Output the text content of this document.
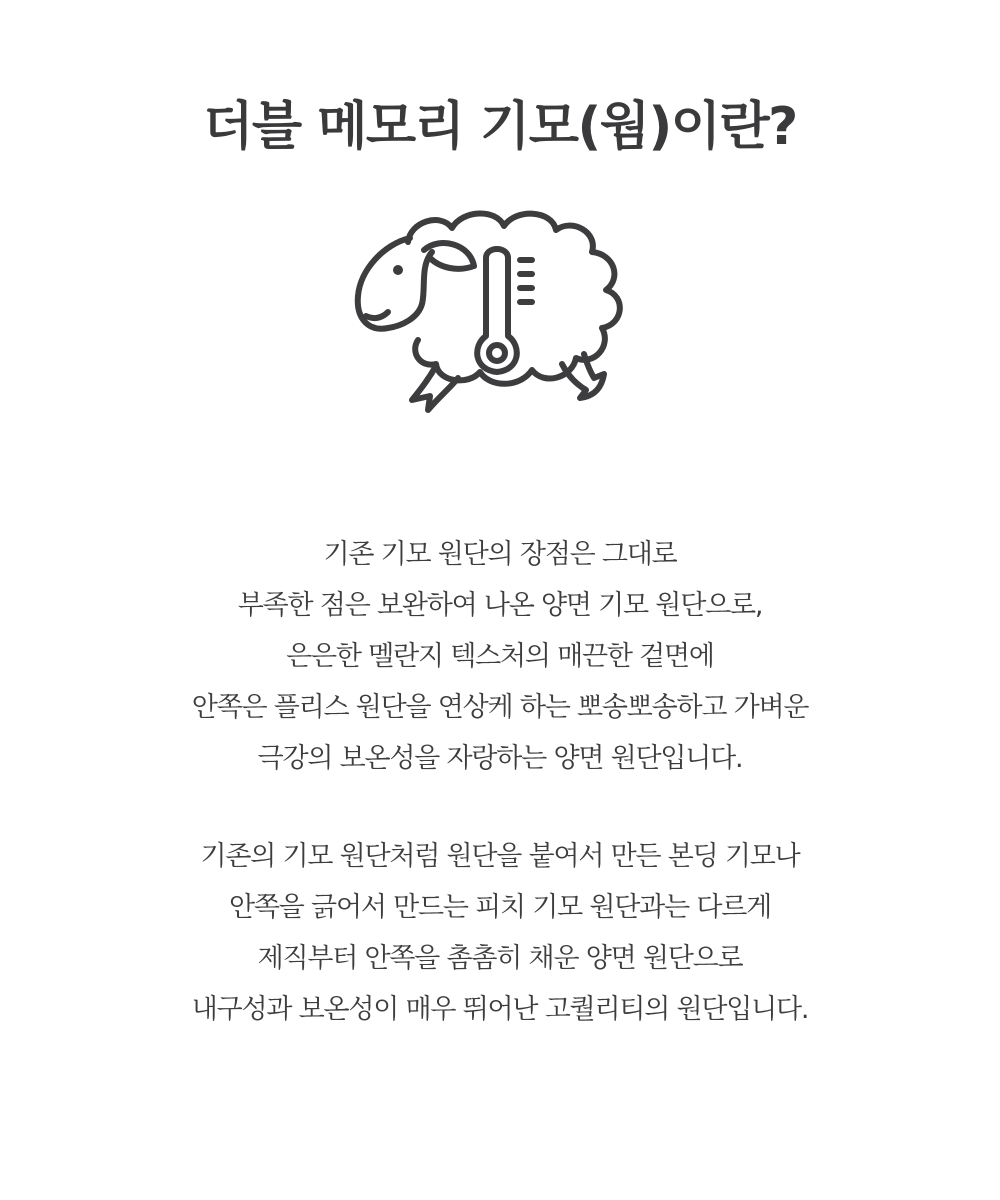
더블 메모리 기모(웜)이란?
기존 기모 원단의 장점은 그대로
부족한 점은 보완하여 나온 양면 기모 원단으로,
은은한 멜란지 텍스처의 매끈한 겉면에
안쪽은 플리스 원단을 연상케 하는 뽀송뽀송하고 가벼운
극강의 보온성을 자랑하는 양면 원단입니다.
기존의 기모 원단처럼 원단을 붙여서 만든 본딩 기모나
안쪽을 긁어서 만드는 피치 기모 원단과는 다르게
제직부터 안쪽을 촘촘히 채운 양면 원단으로
내구성과 보온성이 매우 뛰어난 고퀄리티의 원단입니다.
